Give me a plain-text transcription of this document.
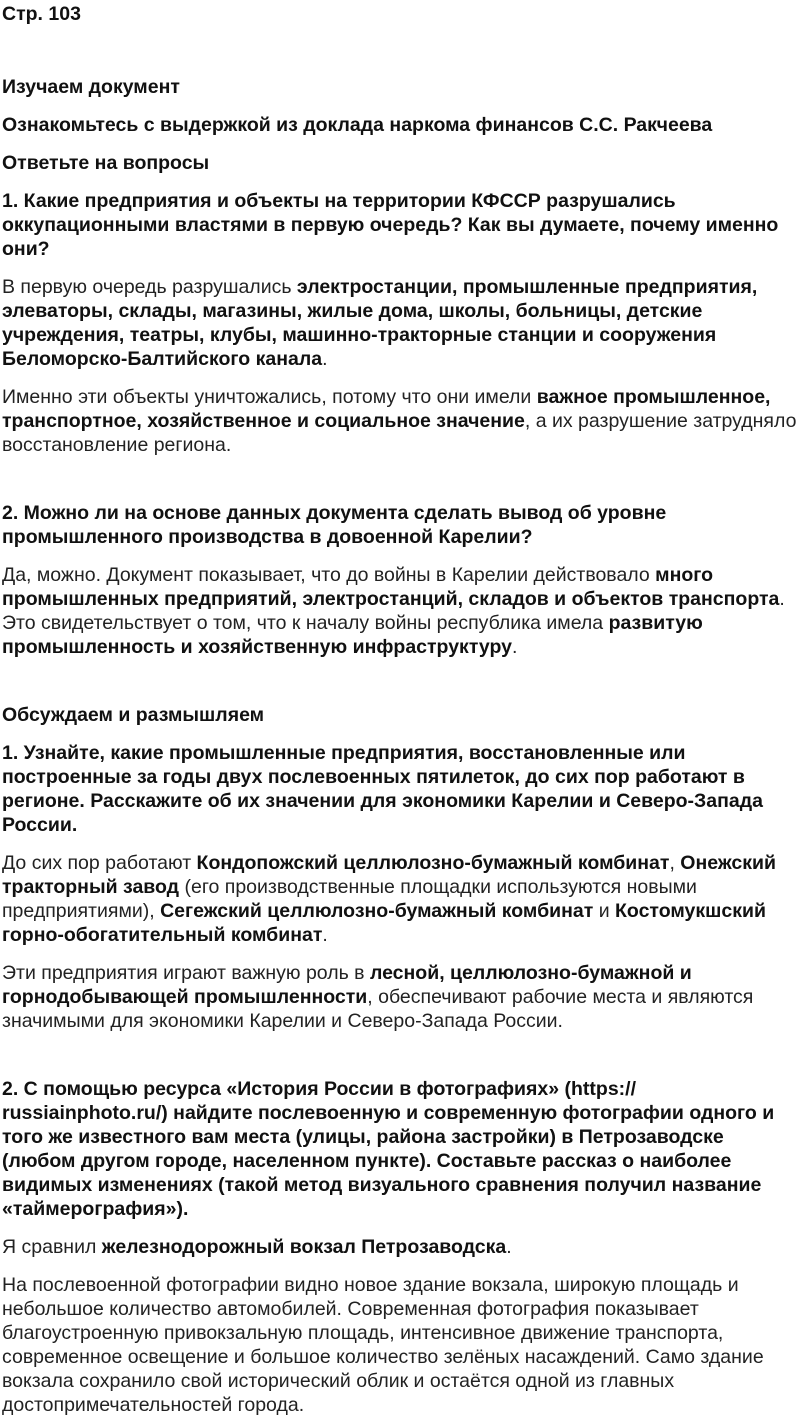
Стр. 103

Изучаем документ

Ознакомьтесь с выдержкой из доклада наркома финансов С.С. Ракчеева

Ответьте на вопросы

1. Какие предприятия и объекты на территории КФССР разрушались оккупационными властями в первую очередь? Как вы думаете, почему именно они?

В первую очередь разрушались электростанции, промышленные предприятия, элеваторы, склады, магазины, жилые дома, школы, больницы, детские учреждения, театры, клубы, машинно-тракторные станции и сооружения Беломорско-Балтийского канала.

Именно эти объекты уничтожались, потому что они имели важное промышленное, транспортное, хозяйственное и социальное значение, а их разрушение затрудняло восстановление региона.

2. Можно ли на основе данных документа сделать вывод об уровне промышленного производства в довоенной Карелии?

Да, можно. Документ показывает, что до войны в Карелии действовало много промышленных предприятий, электростанций, складов и объектов транспорта. Это свидетельствует о том, что к началу войны республика имела развитую промышленность и хозяйственную инфраструктуру.

Обсуждаем и размышляем

1. Узнайте, какие промышленные предприятия, восстановленные или построенные за годы двух послевоенных пятилеток, до сих пор работают в регионе. Расскажите об их значении для экономики Карелии и Северо-Запада России.

До сих пор работают Кондопожский целлюлозно-бумажный комбинат, Онежский тракторный завод (его производственные площадки используются новыми предприятиями), Сегежский целлюлозно-бумажный комбинат и Костомукшский горно-обогатительный комбинат.

Эти предприятия играют важную роль в лесной, целлюлозно-бумажной и горнодобывающей промышленности, обеспечивают рабочие места и являются значимыми для экономики Карелии и Северо-Запада России.

2. С помощью ресурса «История России в фотографиях» (https:// russiainphoto.ru/) найдите послевоенную и современную фотографии одного и того же известного вам места (улицы, района застройки) в Петрозаводске (любом другом городе, населенном пункте). Составьте рассказ о наиболее видимых изменениях (такой метод визуального сравнения получил название «таймерография»).

Я сравнил железнодорожный вокзал Петрозаводска.

На послевоенной фотографии видно новое здание вокзала, широкую площадь и небольшое количество автомобилей. Современная фотография показывает благоустроенную привокзальную площадь, интенсивное движение транспорта, современное освещение и большое количество зелёных насаждений. Само здание вокзала сохранило свой исторический облик и остаётся одной из главных достопримечательностей города.
